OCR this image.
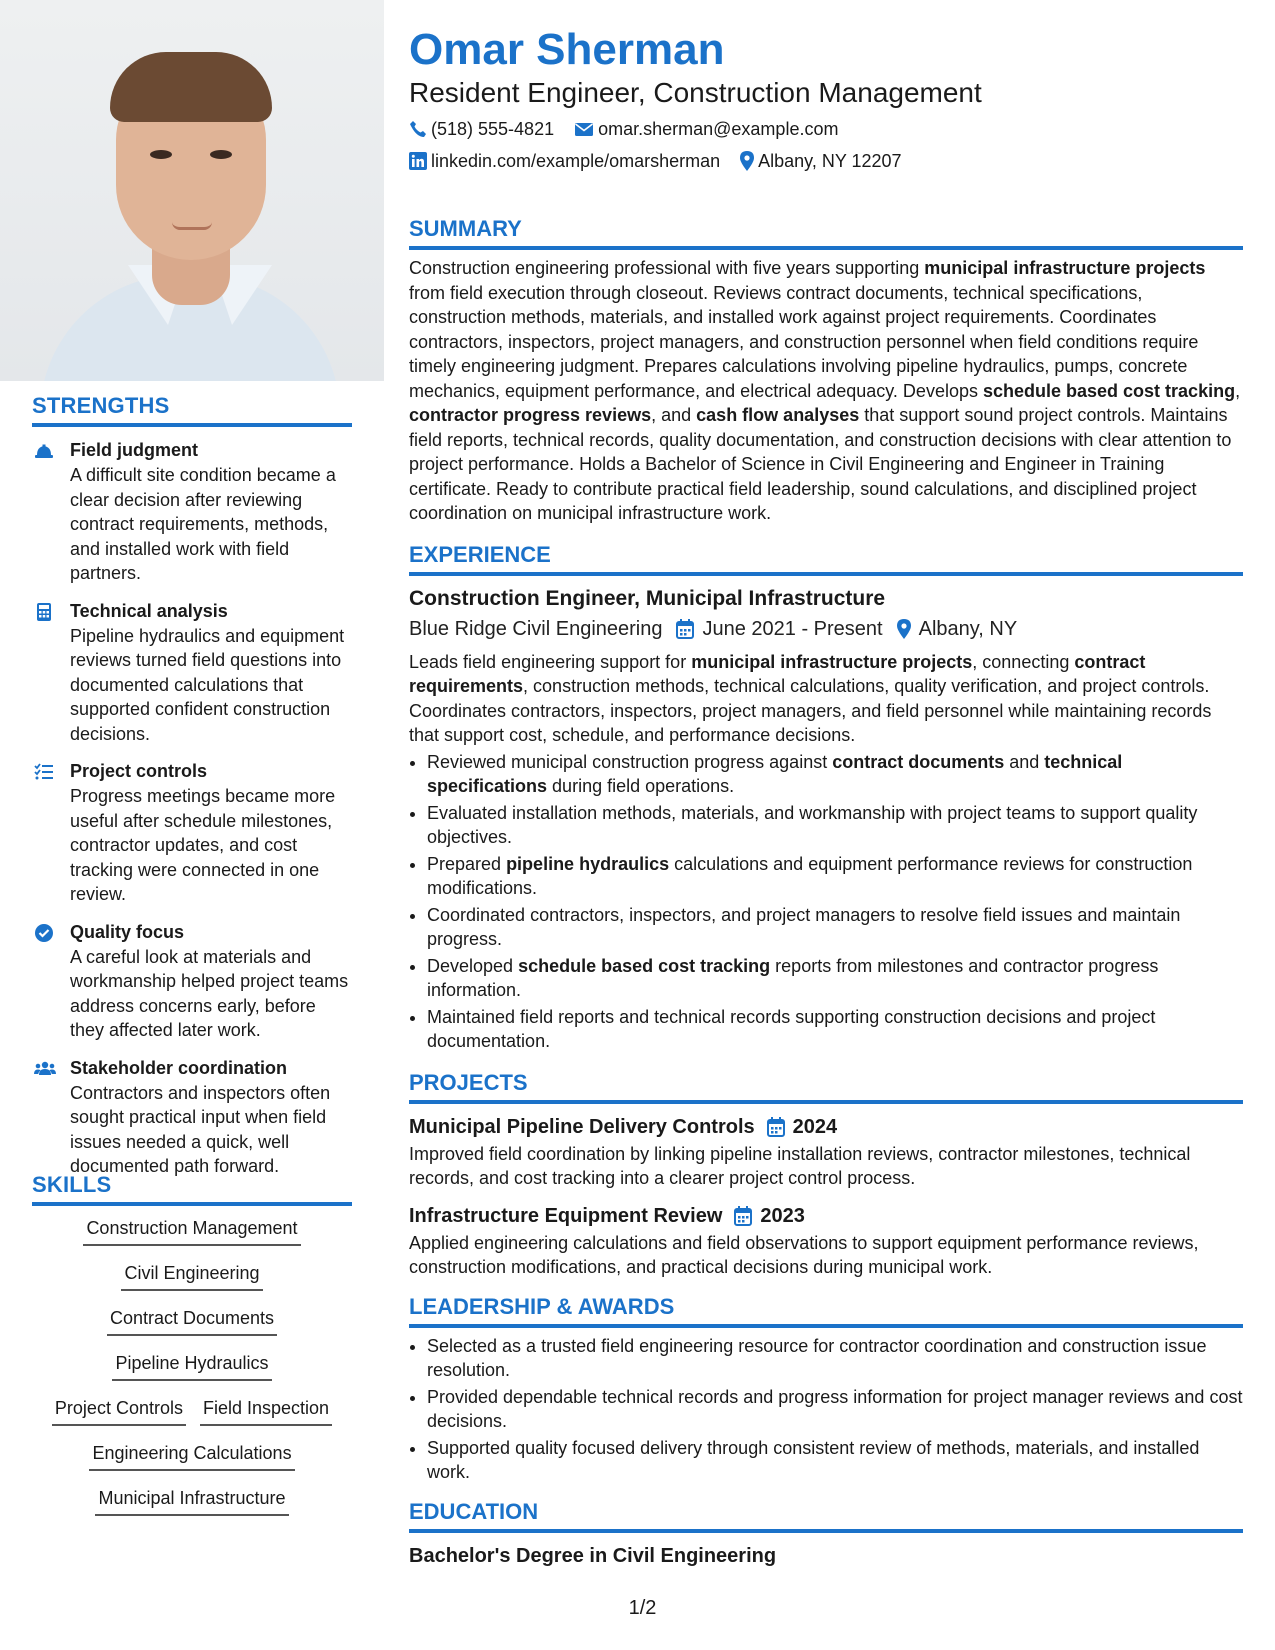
STRENGTHS
Field judgment
A difficult site condition became a clear decision after reviewing contract requirements, methods, and installed work with field partners.
Technical analysis
Pipeline hydraulics and equipment reviews turned field questions into documented calculations that supported confident construction decisions.
Project controls
Progress meetings became more useful after schedule milestones, contractor updates, and cost tracking were connected in one review.
Quality focus
A careful look at materials and workmanship helped project teams address concerns early, before they affected later work.
Stakeholder coordination
Contractors and inspectors often sought practical input when field issues needed a quick, well documented path forward.
SKILLS
Construction Management
Civil Engineering
Contract Documents
Pipeline Hydraulics
Project Controls Field Inspection
Engineering Calculations
Municipal Infrastructure
Omar Sherman
Resident Engineer, Construction Management
(518) 555-4821 omar.sherman@example.com
linkedin.com/example/omarsherman Albany, NY 12207
SUMMARY

Construction engineering professional with five years supporting municipal infrastructure projects from field execution through closeout. Reviews contract documents, technical specifications, construction methods, materials, and installed work against project requirements. Coordinates contractors, inspectors, project managers, and construction personnel when field conditions require timely engineering judgment. Prepares calculations involving pipeline hydraulics, pumps, concrete mechanics, equipment performance, and electrical adequacy. Develops schedule based cost tracking, contractor progress reviews, and cash flow analyses that support sound project controls. Maintains field reports, technical records, quality documentation, and construction decisions with clear attention to project performance. Holds a Bachelor of Science in Civil Engineering and Engineer in Training certificate. Ready to contribute practical field leadership, sound calculations, and disciplined project coordination on municipal infrastructure work.

EXPERIENCE
Construction Engineer, Municipal Infrastructure
Blue Ridge Civil Engineering June 2021 - Present Albany, NY

Leads field engineering support for municipal infrastructure projects, connecting contract requirements, construction methods, technical calculations, quality verification, and project controls. Coordinates contractors, inspectors, project managers, and field personnel while maintaining records that support cost, schedule, and performance decisions.

• Reviewed municipal construction progress against contract documents and technical specifications during field operations.
• Evaluated installation methods, materials, and workmanship with project teams to support quality objectives.
• Prepared pipeline hydraulics calculations and equipment performance reviews for construction modifications.
• Coordinated contractors, inspectors, and project managers to resolve field issues and maintain progress.
• Developed schedule based cost tracking reports from milestones and contractor progress information.
• Maintained field reports and technical records supporting construction decisions and project documentation.
PROJECTS
Municipal Pipeline Delivery Controls 2024

Improved field coordination by linking pipeline installation reviews, contractor milestones, technical records, and cost tracking into a clearer project control process.

Infrastructure Equipment Review 2023

Applied engineering calculations and field observations to support equipment performance reviews, construction modifications, and practical decisions during municipal work.

LEADERSHIP & AWARDS
• Selected as a trusted field engineering resource for contractor coordination and construction issue resolution.
• Provided dependable technical records and progress information for project manager reviews and cost decisions.
• Supported quality focused delivery through consistent review of methods, materials, and installed work.
EDUCATION
Bachelor's Degree in Civil Engineering
1/2
